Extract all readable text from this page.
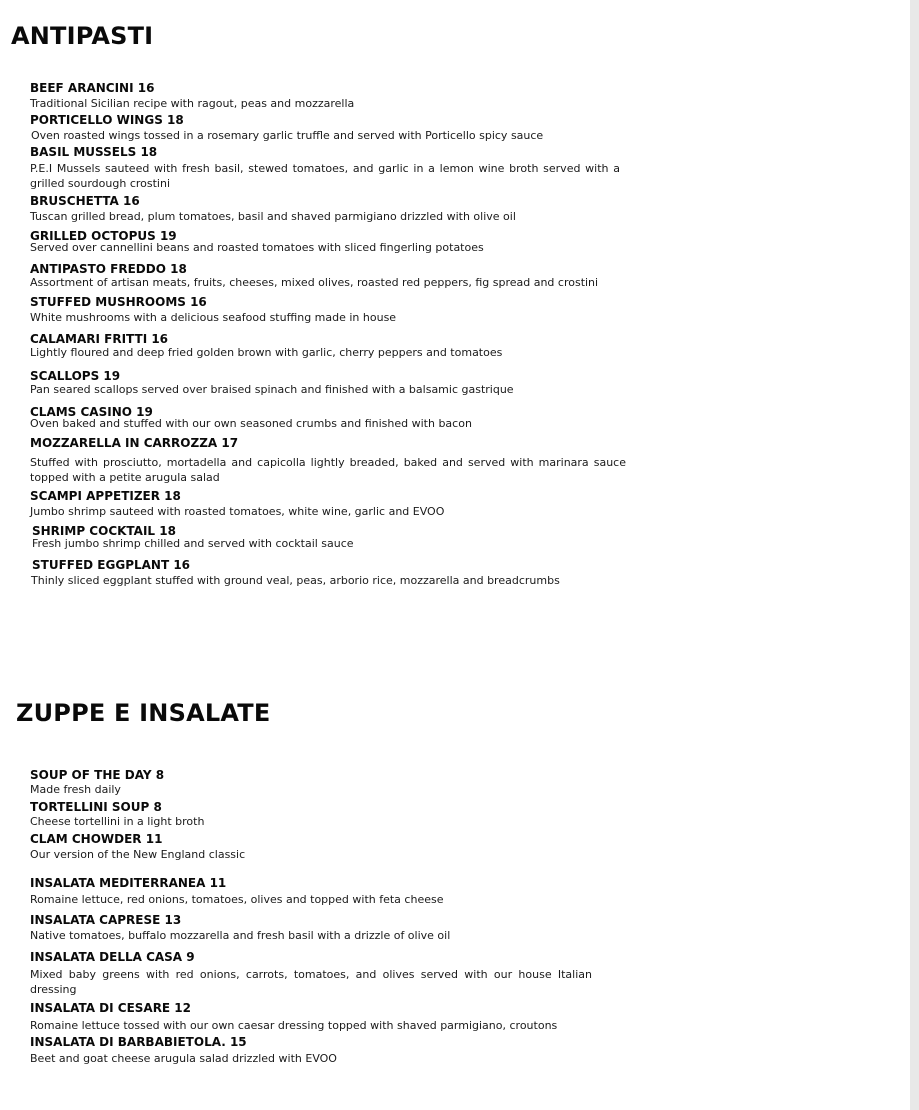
ANTIPASTI
BEEF ARANCINI 16
Traditional Sicilian recipe with ragout, peas and mozzarella
PORTICELLO WINGS 18
Oven roasted wings tossed in a rosemary garlic truffle and served with Porticello spicy sauce
BASIL MUSSELS 18
P.E.I Mussels sauteed with fresh basil, stewed tomatoes, and garlic in a lemon wine broth served with a grilled sourdough crostini
BRUSCHETTA 16
Tuscan grilled bread, plum tomatoes, basil and shaved parmigiano drizzled with olive oil
GRILLED OCTOPUS 19
Served over cannellini beans and roasted tomatoes with sliced fingerling potatoes
ANTIPASTO FREDDO 18
Assortment of artisan meats, fruits, cheeses, mixed olives, roasted red peppers, fig spread and crostini
STUFFED MUSHROOMS 16
White mushrooms with a delicious seafood stuffing made in house
CALAMARI FRITTI 16
Lightly floured and deep fried golden brown with garlic, cherry peppers and tomatoes
SCALLOPS 19
Pan seared scallops served over braised spinach and finished with a balsamic gastrique
CLAMS CASINO 19
Oven baked and stuffed with our own seasoned crumbs and finished with bacon
MOZZARELLA IN CARROZZA 17
Stuffed with prosciutto, mortadella and capicolla lightly breaded, baked and served with marinara sauce topped with a petite arugula salad
SCAMPI APPETIZER 18
Jumbo shrimp sauteed with roasted tomatoes, white wine, garlic and EVOO
SHRIMP COCKTAIL 18
Fresh jumbo shrimp chilled and served with cocktail sauce
STUFFED EGGPLANT 16
Thinly sliced eggplant stuffed with ground veal, peas, arborio rice, mozzarella and breadcrumbs
ZUPPE E INSALATE
SOUP OF THE DAY 8
Made fresh daily
TORTELLINI SOUP 8
Cheese tortellini in a light broth
CLAM CHOWDER 11
Our version of the New England classic
INSALATA MEDITERRANEA 11
Romaine lettuce, red onions, tomatoes, olives and topped with feta cheese
INSALATA CAPRESE 13
Native tomatoes, buffalo mozzarella and fresh basil with a drizzle of olive oil
INSALATA DELLA CASA 9
Mixed baby greens with red onions, carrots, tomatoes, and olives served with our house Italian dressing
INSALATA DI CESARE 12
Romaine lettuce tossed with our own caesar dressing topped with shaved parmigiano, croutons
INSALATA DI BARBABIETOLA. 15
Beet and goat cheese arugula salad drizzled with EVOO
